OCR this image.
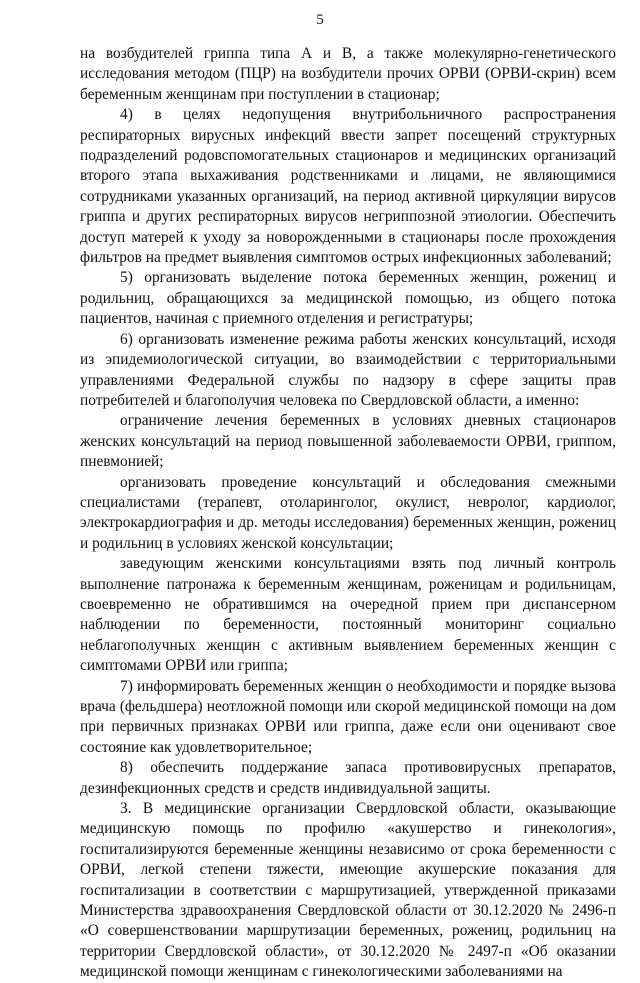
5

на возбудителей гриппа типа А и В, а также молекулярно-генетического исследования методом (ПЦР) на возбудители прочих ОРВИ (ОРВИ-скрин) всем беременным женщинам при поступлении в стационар;

4) в целях недопущения внутрибольничного распространения респираторных вирусных инфекций ввести запрет посещений структурных подразделений родовспомогательных стационаров и медицинских организаций второго этапа выхаживания родственниками и лицами, не являющимися сотрудниками указанных организаций, на период активной циркуляции вирусов гриппа и других респираторных вирусов негриппозной этиологии. Обеспечить доступ матерей к уходу за новорожденными в стационары после прохождения фильтров на предмет выявления симптомов острых инфекционных заболеваний;

5) организовать выделение потока беременных женщин, рожениц и родильниц, обращающихся за медицинской помощью, из общего потока пациентов, начиная с приемного отделения и регистратуры;

6) организовать изменение режима работы женских консультаций, исходя из эпидемиологической ситуации, во взаимодействии с территориальными управлениями Федеральной службы по надзору в сфере защиты прав потребителей и благополучия человека по Свердловской области, а именно:

ограничение лечения беременных в условиях дневных стационаров женских консультаций на период повышенной заболеваемости ОРВИ, гриппом, пневмонией;

организовать проведение консультаций и обследования смежными специалистами (терапевт, отоларинголог, окулист, невролог, кардиолог, электрокардиография и др. методы исследования) беременных женщин, рожениц и родильниц в условиях женской консультации;

заведующим женскими консультациями взять под личный контроль выполнение патронажа к беременным женщинам, роженицам и родильницам, своевременно не обратившимся на очередной прием при диспансерном наблюдении по беременности, постоянный мониторинг социально неблагополучных женщин с активным выявлением беременных женщин с симптомами ОРВИ или гриппа;

7) информировать беременных женщин о необходимости и порядке вызова врача (фельдшера) неотложной помощи или скорой медицинской помощи на дом при первичных признаках ОРВИ или гриппа, даже если они оценивают свое состояние как удовлетворительное;

8) обеспечить поддержание запаса противовирусных препаратов, дезинфекционных средств и средств индивидуальной защиты.

3. В медицинские организации Свердловской области, оказывающие медицинскую помощь по профилю «акушерство и гинекология», госпитализируются беременные женщины независимо от срока беременности с ОРВИ, легкой степени тяжести, имеющие акушерские показания для госпитализации в соответствии с маршрутизацией, утвержденной приказами Министерства здравоохранения Свердловской области от 30.12.2020 № 2496-п «О совершенствовании маршрутизации беременных, рожениц, родильниц на территории Свердловской области», от 30.12.2020 № 2497-п «Об оказании медицинской помощи женщинам с гинекологическими заболеваниями на
